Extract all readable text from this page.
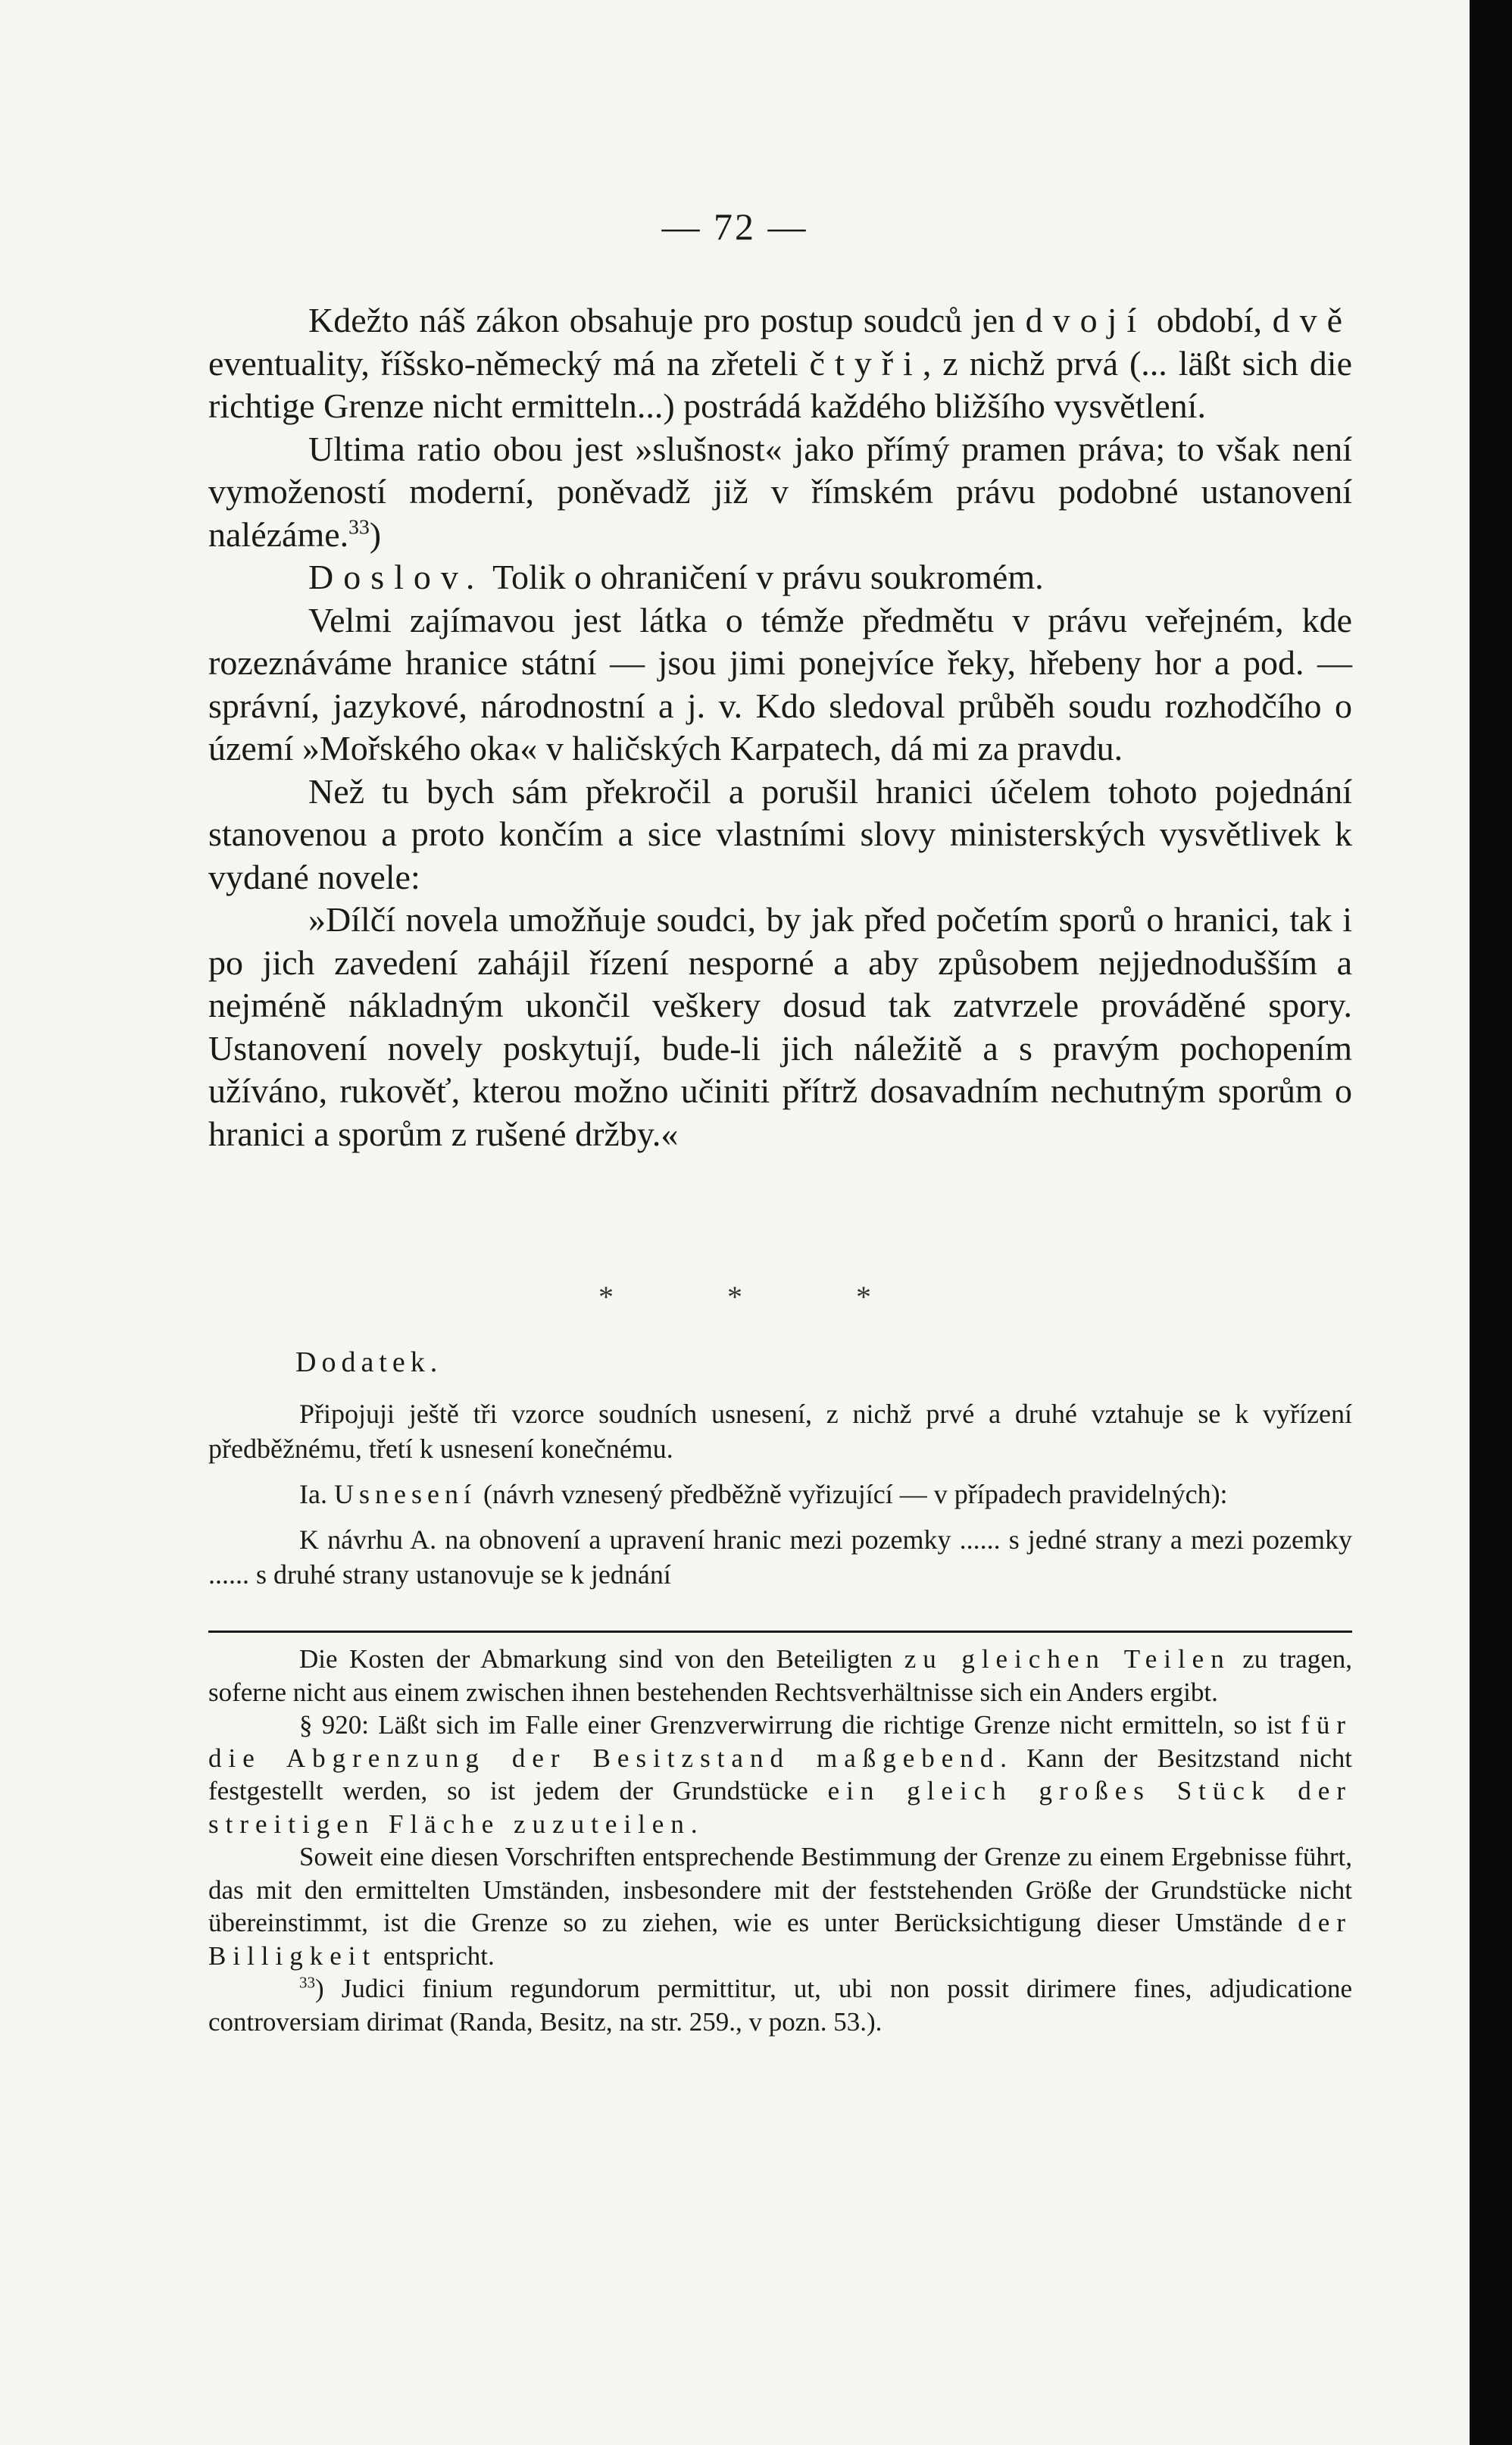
— 72 —

Kdežto náš zákon obsahuje pro postup soudců jen dvojí období, dvě eventuality, říšsko-německý má na zřeteli čtyři, z nichž prvá (... läßt sich die richtige Grenze nicht ermitteln...) postrádá každého bližšího vysvětlení.

Ultima ratio obou jest »slušnost« jako přímý pramen práva; to však není vymožeností moderní, poněvadž již v římském právu podobné ustanovení nalézáme.$^{33}$)

Doslov. Tolik o ohraničení v právu soukromém.

Velmi zajímavou jest látka o témže předmětu v právu veřejném, kde rozeznáváme hranice státní — jsou jimi ponejvíce řeky, hřebeny hor a pod. — správní, jazykové, národnostní a j. v. Kdo sledoval průběh soudu rozhodčího o území »Mořského oka« v haličských Karpatech, dá mi za pravdu.

Než tu bych sám překročil a porušil hranici účelem tohoto pojednání stanovenou a proto končím a sice vlastními slovy ministerských vysvětlivek k vydané novele:

»Dílčí novela umožňuje soudci, by jak před početím sporů o hranici, tak i po jich zavedení zahájil řízení nesporné a aby způsobem nejjednodušším a nejméně nákladným ukončil veškery dosud tak zatvrzele prováděné spory. Ustanovení novely poskytují, bude-li jich náležitě a s pravým pochopením užíváno, rukověť, kterou možno učiniti přítrž dosavadním nechutným sporům o hranici a sporům z rušené držby.«

* * *

Dodatek.

Připojuji ještě tři vzorce soudních usnesení, z nichž prvé a druhé vztahuje se k vyřízení předběžnému, třetí k usnesení konečnému.

Ia. Usnesení (návrh vznesený předběžně vyřizující — v případech pravidelných):

K návrhu A. na obnovení a upravení hranic mezi pozemky ...... s jedné strany a mezi pozemky ...... s druhé strany ustanovuje se k jednání

Die Kosten der Abmarkung sind von den Beteiligten zu gleichen Teilen zu tragen, soferne nicht aus einem zwischen ihnen bestehenden Rechtsverhältnisse sich ein Anders ergibt.

§ 920: Läßt sich im Falle einer Grenzverwirrung die richtige Grenze nicht ermitteln, so ist für die Abgrenzung der Besitzstand maßgebend. Kann der Besitzstand nicht festgestellt werden, so ist jedem der Grundstücke ein gleich großes Stück der streitigen Fläche zuzuteilen.

Soweit eine diesen Vorschriften entsprechende Bestimmung der Grenze zu einem Ergebnisse führt, das mit den ermittelten Umständen, insbesondere mit der feststehenden Größe der Grundstücke nicht übereinstimmt, ist die Grenze so zu ziehen, wie es unter Berücksichtigung dieser Umstände der Billigkeit entspricht.

$^{33}$) Judici finium regundorum permittitur, ut, ubi non possit dirimere fines, adjudicatione controversiam dirimat (Randa, Besitz, na str. 259., v pozn. 53.).
